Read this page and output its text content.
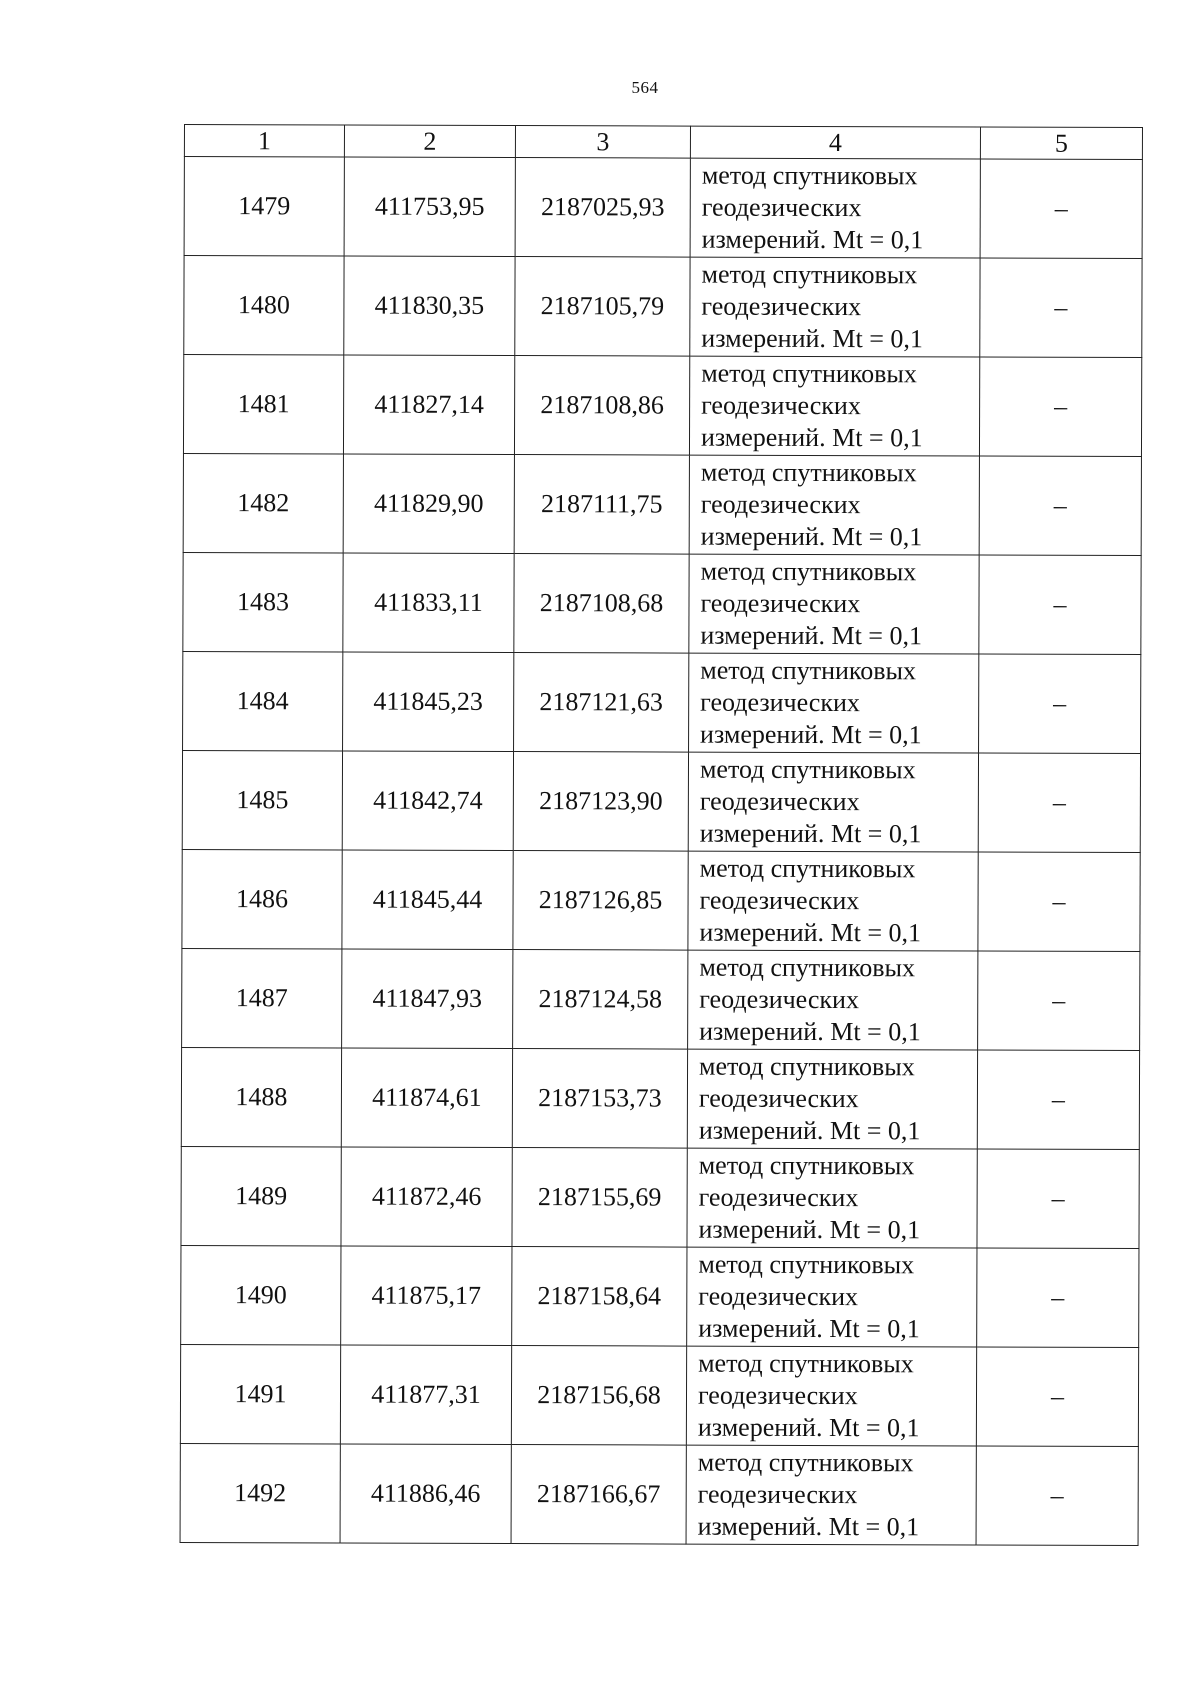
564
1	2	3	4	5
1479	411753,95	2187025,93	метод спутниковых
геодезических
измерений. Mt = 0,1	–
1480	411830,35	2187105,79	метод спутниковых
геодезических
измерений. Mt = 0,1	–
1481	411827,14	2187108,86	метод спутниковых
геодезических
измерений. Mt = 0,1	–
1482	411829,90	2187111,75	метод спутниковых
геодезических
измерений. Mt = 0,1	–
1483	411833,11	2187108,68	метод спутниковых
геодезических
измерений. Mt = 0,1	–
1484	411845,23	2187121,63	метод спутниковых
геодезических
измерений. Mt = 0,1	–
1485	411842,74	2187123,90	метод спутниковых
геодезических
измерений. Mt = 0,1	–
1486	411845,44	2187126,85	метод спутниковых
геодезических
измерений. Mt = 0,1	–
1487	411847,93	2187124,58	метод спутниковых
геодезических
измерений. Mt = 0,1	–
1488	411874,61	2187153,73	метод спутниковых
геодезических
измерений. Mt = 0,1	–
1489	411872,46	2187155,69	метод спутниковых
геодезических
измерений. Mt = 0,1	–
1490	411875,17	2187158,64	метод спутниковых
геодезических
измерений. Mt = 0,1	–
1491	411877,31	2187156,68	метод спутниковых
геодезических
измерений. Mt = 0,1	–
1492	411886,46	2187166,67	метод спутниковых
геодезических
измерений. Mt = 0,1	–
